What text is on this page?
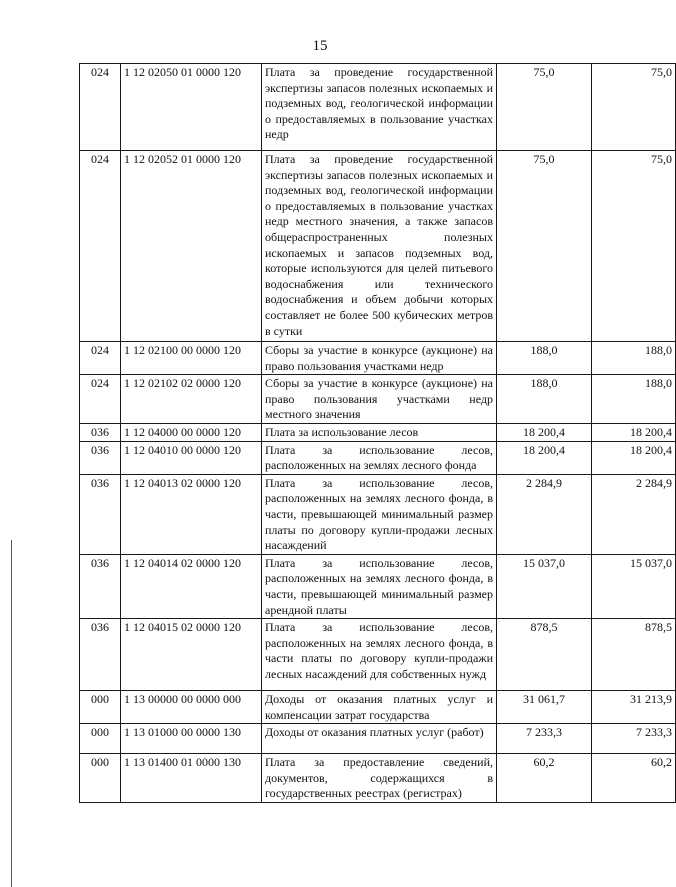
15
024	1 12 02050 01 0000 120	Плата за проведение государственной экспертизы запасов полезных ископаемых и подземных вод, геологической информации о предоставляемых в пользование участках недр	75,0	75,0
024	1 12 02052 01 0000 120	Плата за проведение государственной экспертизы запасов полезных ископаемых и подземных вод, геологической информации о предоставляемых в пользование участках недр местного значения, а также запасов общераспространенных полезных ископаемых и запасов подземных вод, которые используются для целей питьевого водоснабжения или технического водоснабжения и объем добычи которых составляет не более 500 кубических метров в сутки	75,0	75,0
024	1 12 02100 00 0000 120	Сборы за участие в конкурсе (аукционе) на право пользования участками недр	188,0	188,0
024	1 12 02102 02 0000 120	Сборы за участие в конкурсе (аукционе) на право пользования участками недр местного значения	188,0	188,0
036	1 12 04000 00 0000 120	Плата за использование лесов	18 200,4	18 200,4
036	1 12 04010 00 0000 120	Плата за использование лесов, расположенных на землях лесного фонда	18 200,4	18 200,4
036	1 12 04013 02 0000 120	Плата за использование лесов, расположенных на землях лесного фонда, в части, превышающей минимальный размер платы по договору купли-продажи лесных насаждений	2 284,9	2 284,9
036	1 12 04014 02 0000 120	Плата за использование лесов, расположенных на землях лесного фонда, в части, превышающей минимальный размер арендной платы	15 037,0	15 037,0
036	1 12 04015 02 0000 120	Плата за использование лесов, расположенных на землях лесного фонда, в части платы по договору купли-продажи лесных насаждений для собственных нужд	878,5	878,5
000	1 13 00000 00 0000 000	Доходы от оказания платных услуг и компенсации затрат государства	31 061,7	31 213,9
000	1 13 01000 00 0000 130	Доходы от оказания платных услуг (работ)	7 233,3	7 233,3
000	1 13 01400 01 0000 130	Плата за предоставление сведений, документов, содержащихся в государственных реестрах (регистрах)	60,2	60,2
